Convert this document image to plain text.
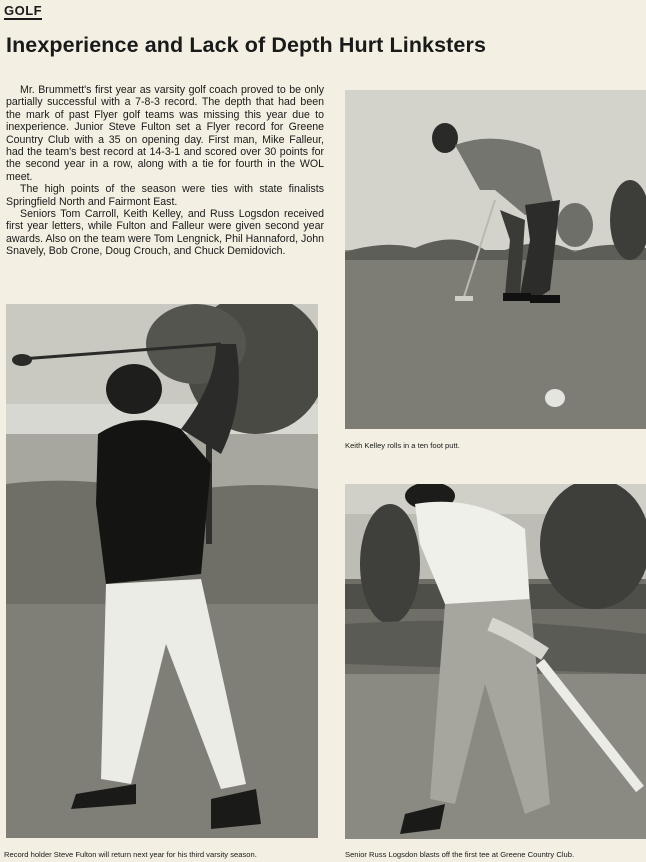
GOLF
Inexperience and Lack of Depth Hurt Linksters

Mr. Brummett's first year as varsity golf coach proved to be only partially successful with a 7-8-3 record. The depth that had been the mark of past Flyer golf teams was missing this year due to inexperience. Junior Steve Fulton set a Flyer record for Greene Country Club with a 35 on opening day. First man, Mike Falleur, had the team's best record at 14-3-1 and scored over 30 points for the second year in a row, along with a tie for fourth in the WOL meet.

The high points of the season were ties with state finalists Springfield North and Fairmont East.

Seniors Tom Carroll, Keith Kelley, and Russ Logsdon received first year letters, while Fulton and Falleur were given second year awards. Also on the team were Tom Lengnick, Phil Hannaford, John Snavely, Bob Crone, Doug Crouch, and Chuck Demidovich.

Keith Kelley rolls in a ten foot putt.
Record holder Steve Fulton will return next year for his third varsity season.	Senior Russ Logsdon blasts off the first tee at Greene Country Club.
